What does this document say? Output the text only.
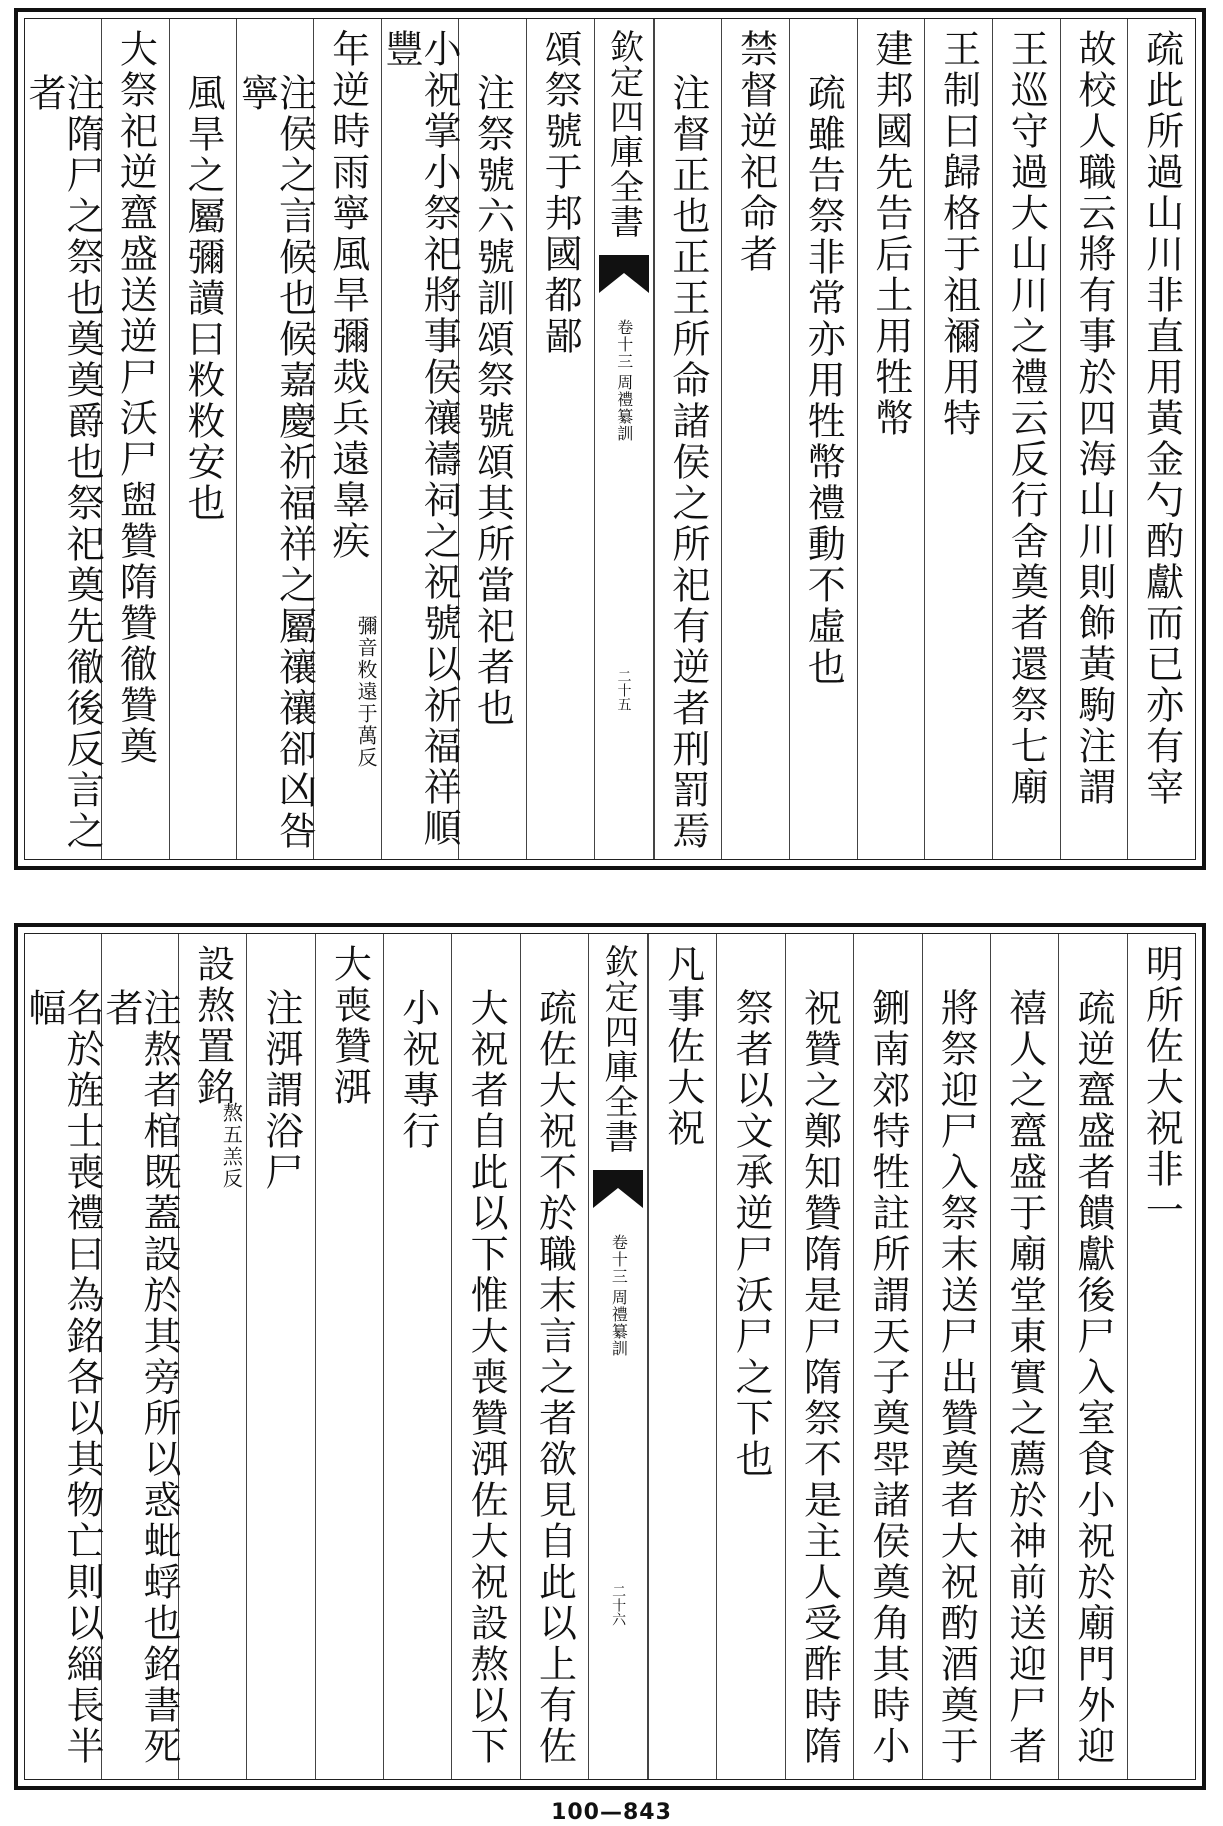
疏此所過山川非直用黃金勺酌獻而已亦有宰
故校人職云將有事於四海山川則飾黃駒注謂
王巡守過大山川之禮云反行舍奠者還祭七廟
王制曰歸格于祖禰用特
建邦國先告后土用牲幣
疏雖告祭非常亦用牲幣禮動不虛也
禁督逆祀命者
注督正也正王所命諸侯之所祀有逆者刑罰焉
欽定四庫全書
周禮纂訓
卷十三
二十五
頌祭號于邦國都鄙
注祭號六號訓頌祭號頌其所當祀者也
小祝掌小祭祀將事侯禳禱祠之祝號以祈福祥順豐
年逆時雨寧風旱彌烖兵遠辠疾
彌音敉遠于萬反
注侯之言候也候嘉慶祈福祥之屬禳禳卻凶咎寧
風旱之屬彌讀曰敉敉安也
大祭祀逆齍盛送逆尸沃尸盥贊隋贊徹贊奠
注隋尸之祭也奠奠爵也祭祀奠先徹後反言之者
明所佐大祝非一
疏逆齍盛者饋獻後尸入室食小祝於廟門外迎
禧人之齍盛于廟堂東實之薦於神前送迎尸者
將祭迎尸入祭末送尸出贊奠者大祝酌酒奠于
鉶南郊特牲註所謂天子奠斝諸侯奠角其時小
祝贊之鄭知贊隋是尸隋祭不是主人受酢時隋
祭者以文承逆尸沃尸之下也
凡事佐大祝
欽定四庫全書
周禮纂訓
卷十三
二十六
疏佐大祝不於職末言之者欲見自此以上有佐
大祝者自此以下惟大喪贊渳佐大祝設熬以下
小祝專行
大喪贊渳
注渳謂浴尸
設熬置銘
熬五羔反
注熬者棺既蓋設於其旁所以惑蚍蜉也銘書死者
名於旌士喪禮曰為銘各以其物亡則以緇長半幅
100—843
